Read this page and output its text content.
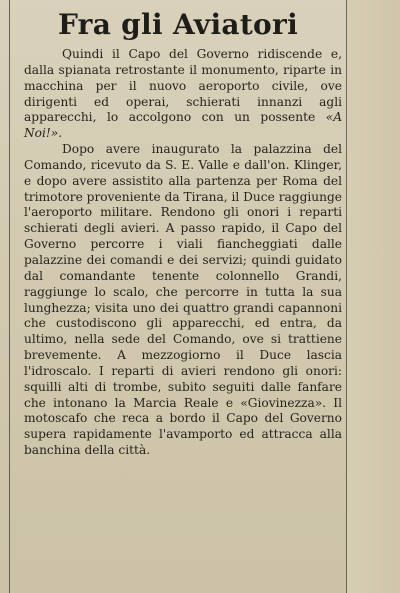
Fra gli Aviatori

Quindi il Capo del Governo ridiscende e, dalla spianata retrostante il monumento, riparte in macchina per il nuovo aeroporto civile, ove dirigenti ed operai, schierati innanzi agli apparecchi, lo accolgono con un possente «A Noi!».

Dopo avere inaugurato la palazzina del Comando, ricevuto da S. E. Valle e dall'on. Klinger, e dopo avere assistito alla partenza per Roma del trimotore proveniente da Tirana, il Duce raggiunge l'aeroporto militare. Rendono gli onori i reparti schierati degli avieri. A passo rapido, il Capo del Governo percorre i viali fiancheggiati dalle palazzine dei comandi e dei servizi; quindi guidato dal comandante tenente colonnello Grandi, raggiunge lo scalo, che percorre in tutta la sua lunghezza; visita uno dei quattro grandi capannoni che custodiscono gli apparecchi, ed entra, da ultimo, nella sede del Comando, ove si trattiene brevemente. A mezzogiorno il Duce lascia l'idroscalo. I reparti di avieri rendono gli onori: squilli alti di trombe, subito seguiti dalle fanfare che intonano la Marcia Reale e «Giovinezza». Il motoscafo che reca a bordo il Capo del Governo supera rapidamente l'avamporto ed attracca alla banchina della città.
